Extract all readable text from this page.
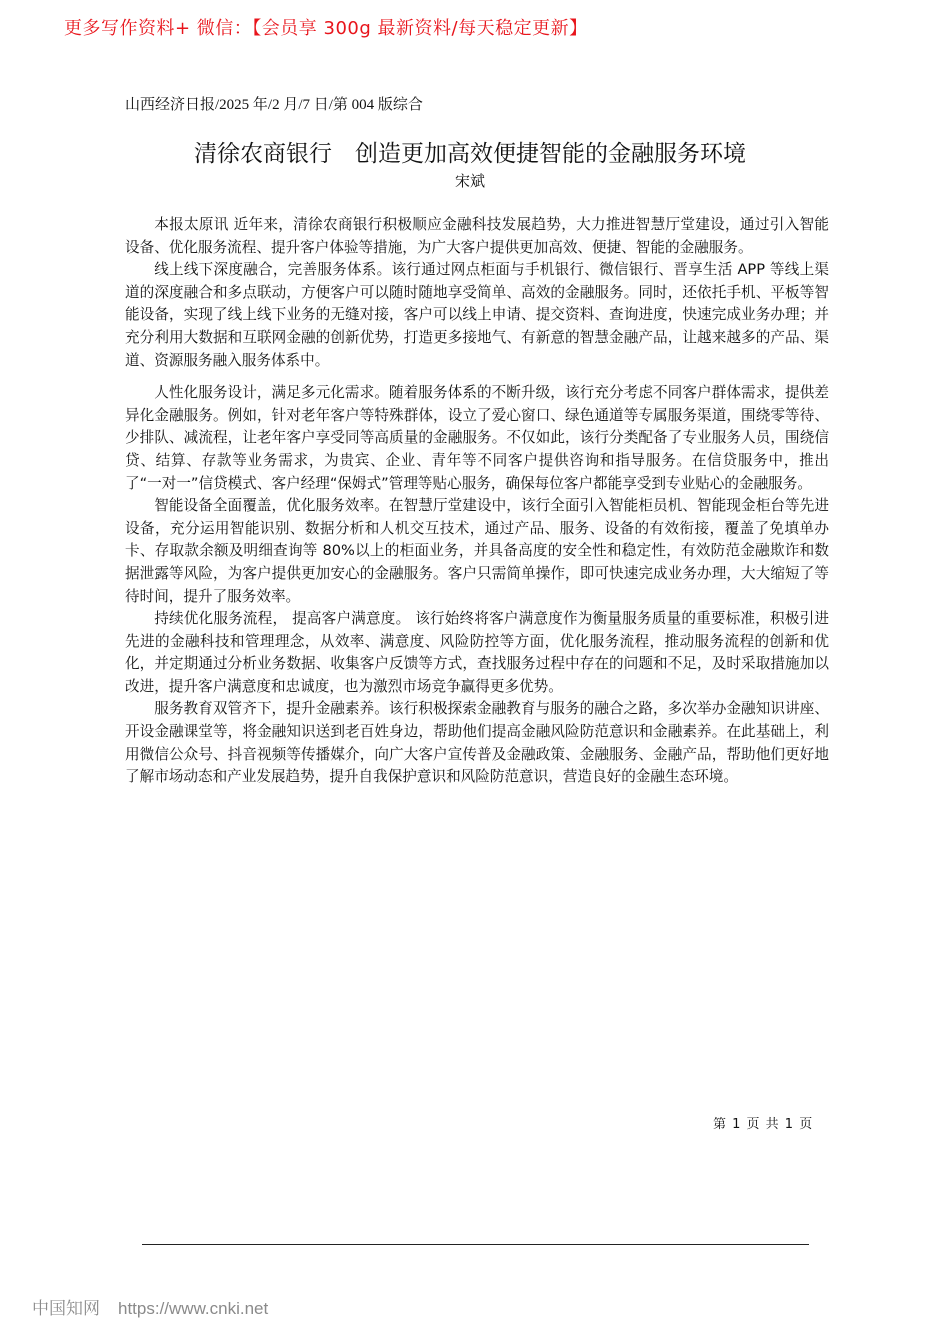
更多写作资料+ 微信：【会员享 300g 最新资料/每天稳定更新】
山西经济日报/2025 年/2 月/7 日/第 004 版综合
清徐农商银行　创造更加高效便捷智能的金融服务环境
宋斌

本报太原讯 近年来，清徐农商银行积极顺应金融科技发展趋势，大力推进智慧厅堂建设，通过引入智能设备、优化服务流程、提升客户体验等措施，为广大客户提供更加高效、便捷、智能的金融服务。

线上线下深度融合，完善服务体系。该行通过网点柜面与手机银行、微信银行、晋享生活 APP 等线上渠道的深度融合和多点联动，方便客户可以随时随地享受简单、高效的金融服务。同时，还依托手机、平板等智能设备，实现了线上线下业务的无缝对接，客户可以线上申请、提交资料、查询进度，快速完成业务办理；并充分利用大数据和互联网金融的创新优势，打造更多接地气、有新意的智慧金融产品，让越来越多的产品、渠道、资源服务融入服务体系中。

人性化服务设计，满足多元化需求。随着服务体系的不断升级，该行充分考虑不同客户群体需求，提供差异化金融服务。例如，针对老年客户等特殊群体，设立了爱心窗口、绿色通道等专属服务渠道，围绕零等待、少排队、减流程，让老年客户享受同等高质量的金融服务。不仅如此，该行分类配备了专业服务人员，围绕信贷、结算、存款等业务需求，为贵宾、企业、青年等不同客户提供咨询和指导服务。在信贷服务中，推出了“一对一”信贷模式、客户经理“保姆式”管理等贴心服务，确保每位客户都能享受到专业贴心的金融服务。

智能设备全面覆盖，优化服务效率。在智慧厅堂建设中，该行全面引入智能柜员机、智能现金柜台等先进设备，充分运用智能识别、数据分析和人机交互技术，通过产品、服务、设备的有效衔接，覆盖了免填单办卡、存取款余额及明细查询等 80%以上的柜面业务，并具备高度的安全性和稳定性，有效防范金融欺诈和数据泄露等风险，为客户提供更加安心的金融服务。客户只需简单操作，即可快速完成业务办理，大大缩短了等待时间，提升了服务效率。

持续优化服务流程， 提高客户满意度。 该行始终将客户满意度作为衡量服务质量的重要标准，积极引进先进的金融科技和管理理念，从效率、满意度、风险防控等方面，优化服务流程，推动服务流程的创新和优化，并定期通过分析业务数据、收集客户反馈等方式，查找服务过程中存在的问题和不足，及时采取措施加以改进，提升客户满意度和忠诚度，也为激烈市场竞争赢得更多优势。

服务教育双管齐下，提升金融素养。该行积极探索金融教育与服务的融合之路，多次举办金融知识讲座、开设金融课堂等，将金融知识送到老百姓身边，帮助他们提高金融风险防范意识和金融素养。在此基础上，利用微信公众号、抖音视频等传播媒介，向广大客户宣传普及金融政策、金融服务、金融产品，帮助他们更好地了解市场动态和产业发展趋势，提升自我保护意识和风险防范意识，营造良好的金融生态环境。

第 1 页 共 1 页
中国知网 https://www.cnki.net
